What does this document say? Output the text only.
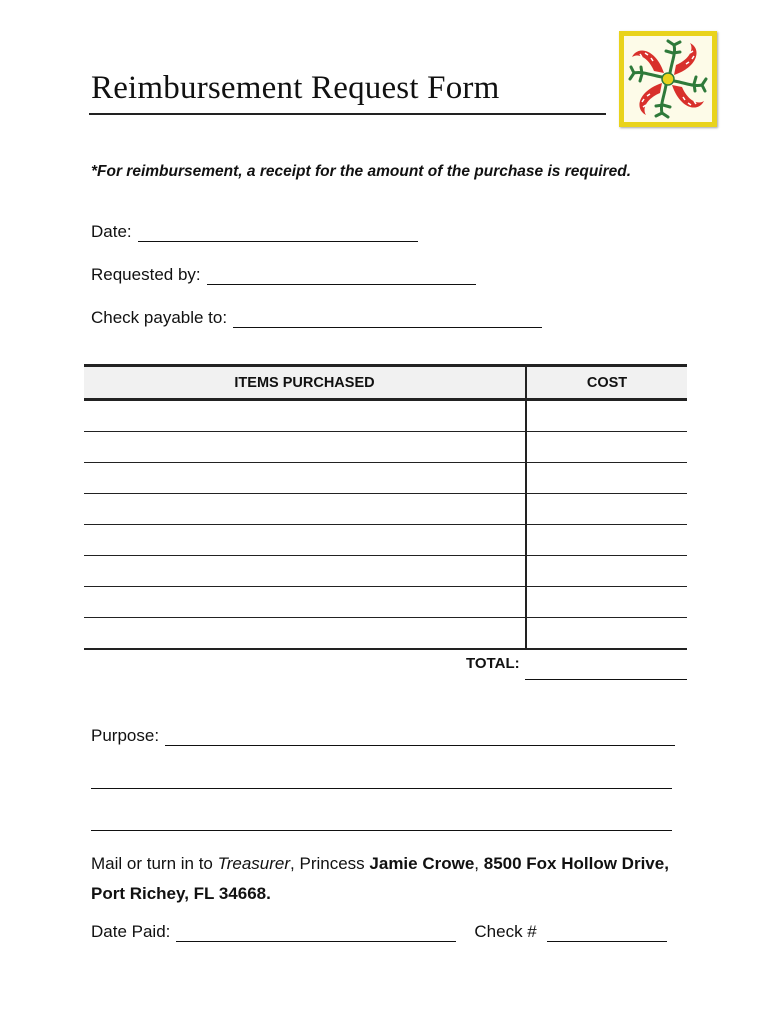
Reimbursement Request Form
*For reimbursement, a receipt for the amount of the purchase is required.
Date:
Requested by:
Check payable to:
ITEMS PURCHASED	COST

TOTAL:
Purpose:
Mail or turn in to Treasurer, Princess Jamie Crowe, 8500 Fox Hollow Drive, Port Richey, FL 34668.
Date Paid:	Check #
